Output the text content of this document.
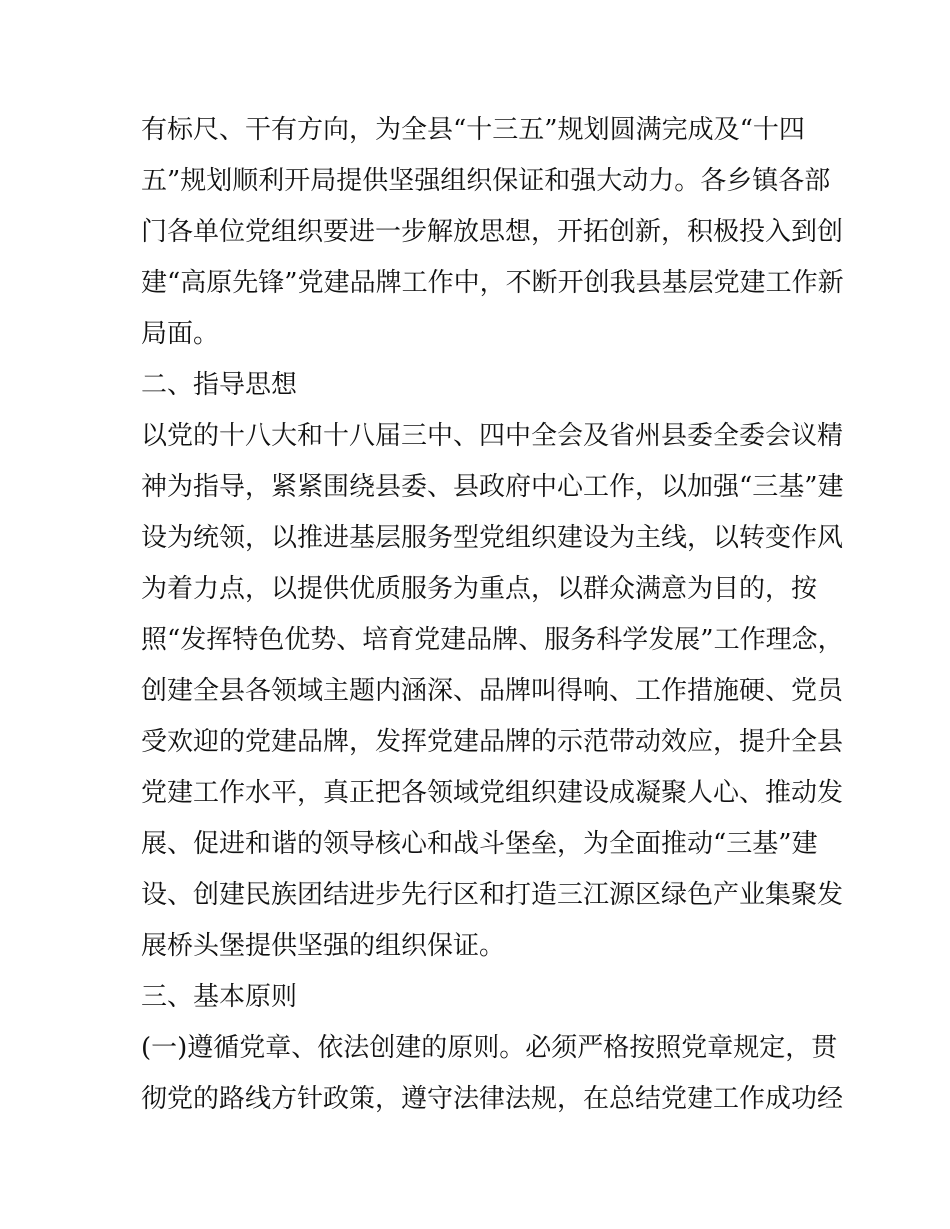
有标尺、干有方向，为全县“十三五”规划圆满完成及“十四
五”规划顺利开局提供坚强组织保证和强大动力。各乡镇各部
门各单位党组织要进一步解放思想，开拓创新，积极投入到创
建“高原先锋”党建品牌工作中，不断开创我县基层党建工作新
局面。
二、指导思想
以党的十八大和十八届三中、四中全会及省州县委全委会议精
神为指导，紧紧围绕县委、县政府中心工作，以加强“三基”建
设为统领，以推进基层服务型党组织建设为主线，以转变作风
为着力点，以提供优质服务为重点，以群众满意为目的，按
照“发挥特色优势、培育党建品牌、服务科学发展”工作理念，
创建全县各领域主题内涵深、品牌叫得响、工作措施硬、党员
受欢迎的党建品牌，发挥党建品牌的示范带动效应，提升全县
党建工作水平，真正把各领域党组织建设成凝聚人心、推动发
展、促进和谐的领导核心和战斗堡垒，为全面推动“三基”建
设、创建民族团结进步先行区和打造三江源区绿色产业集聚发
展桥头堡提供坚强的组织保证。
三、基本原则
(一)遵循党章、依法创建的原则。必须严格按照党章规定，贯
彻党的路线方针政策，遵守法律法规，在总结党建工作成功经
